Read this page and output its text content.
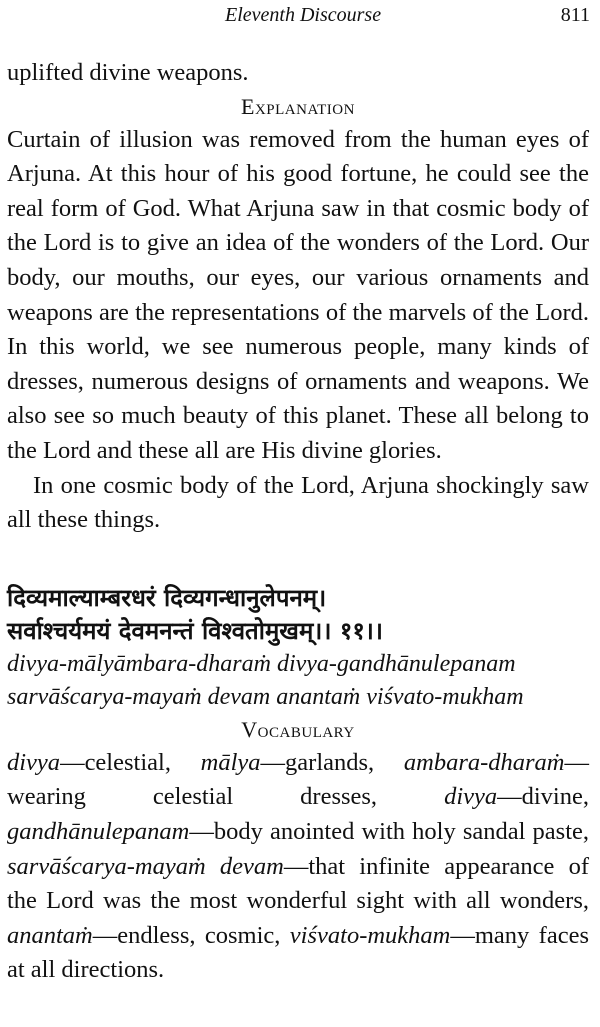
Eleventh Discourse	811

uplifted divine weapons.

Explanation

Curtain of illusion was removed from the human eyes of Arjuna. At this hour of his good fortune, he could see the real form of God. What Arjuna saw in that cosmic body of the Lord is to give an idea of the wonders of the Lord. Our body, our mouths, our eyes, our various ornaments and weapons are the representations of the marvels of the Lord. In this world, we see numerous people, many kinds of dresses, numerous designs of ornaments and weapons. We also see so much beauty of this planet. These all belong to the Lord and these all are His divine glories.

In one cosmic body of the Lord, Arjuna shockingly saw all these things.

दिव्यमाल्याम्बरधरं दिव्यगन्धानुलेपनम्।

सर्वाश्चर्यमयं देवमनन्तं विश्वतोमुखम्।। ११।।

divya-mālyāmbara-dharaṁ divya-gandhānulepanam

sarvāścarya-mayaṁ devam anantaṁ viśvato-mukham

Vocabulary

divya—celestial, mālya—garlands, ambara-dharaṁ—wearing celestial dresses, divya—divine, gandhānulepanam—body anointed with holy sandal paste, sarvāścarya-mayaṁ devam—that infinite appearance of the Lord was the most wonderful sight with all wonders, anantaṁ—endless, cosmic, viśvato-mukham—many faces at all directions.
